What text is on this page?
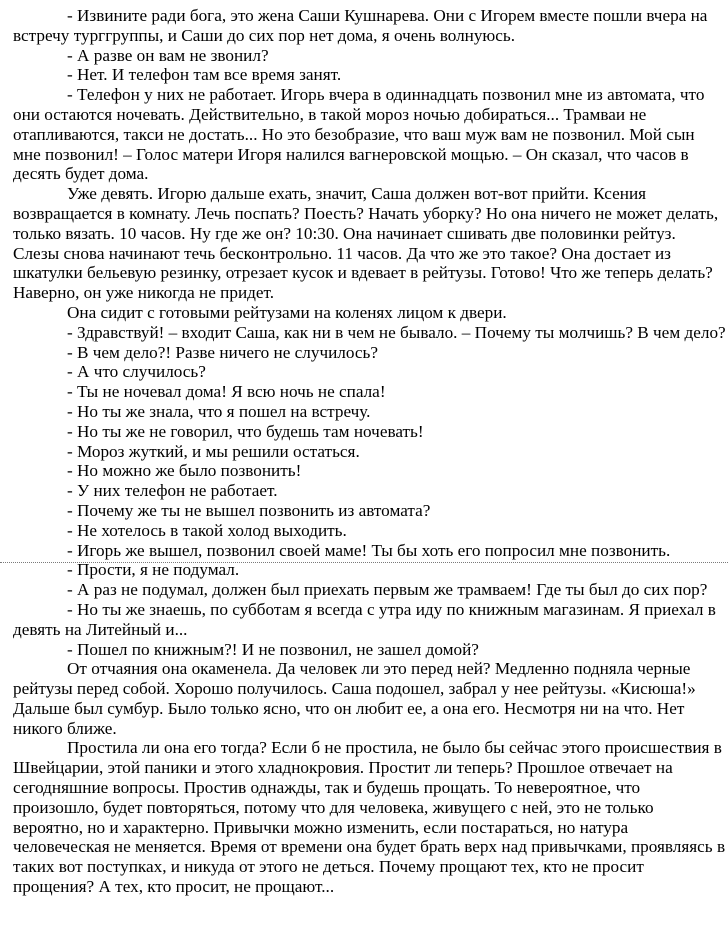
- Извините ради бога, это жена Саши Кушнарева. Они с Игорем вместе пошли вчера на встречу турггруппы, и Саши до сих пор нет дома, я очень волнуюсь.

- А разве он вам не звонил?

- Нет. И телефон там все время занят.

- Телефон у них не работает. Игорь вчера в одиннадцать позвонил мне из автомата, что они остаются ночевать. Действительно, в такой мороз ночью добираться... Трамваи не отапливаются, такси не достать... Но это безобразие, что ваш муж вам не позвонил. Мой сын мне позвонил! – Голос матери Игоря налился вагнеровской мощью. – Он сказал, что часов в десять будет дома.

Уже девять. Игорю дальше ехать, значит, Саша должен вот-вот прийти. Ксения возвращается в комнату. Лечь поспать? Поесть? Начать уборку? Но она ничего не может делать, только вязать. 10 часов. Ну где же он? 10:30. Она начинает сшивать две половинки рейтуз. Слезы снова начинают течь бесконтрольно. 11 часов. Да что же это такое? Она достает из шкатулки бельевую резинку, отрезает кусок и вдевает в рейтузы. Готово! Что же теперь делать? Наверно, он уже никогда не придет.

Она сидит с готовыми рейтузами на коленях лицом к двери.

- Здравствуй! – входит Саша, как ни в чем не бывало. – Почему ты молчишь? В чем дело?

- В чем дело?! Разве ничего не случилось?

- А что случилось?

- Ты не ночевал дома! Я всю ночь не спала!

- Но ты же знала, что я пошел на встречу.

- Но ты же не говорил, что будешь там ночевать!

- Мороз жуткий, и мы решили остаться.

- Но можно же было позвонить!

- У них телефон не работает.

- Почему же ты не вышел позвонить из автомата?

- Не хотелось в такой холод выходить.

- Игорь же вышел, позвонил своей маме! Ты бы хоть его попросил мне позвонить.

- Прости, я не подумал.

- А раз не подумал, должен был приехать первым же трамваем! Где ты был до сих пор?

- Но ты же знаешь, по субботам я всегда с утра иду по книжным магазинам. Я приехал в девять на Литейный и...

- Пошел по книжным?! И не позвонил, не зашел домой?

От отчаяния она окаменела. Да человек ли это перед ней? Медленно подняла черные рейтузы перед собой. Хорошо получилось. Саша подошел, забрал у нее рейтузы. «Кисюша!» Дальше был сумбур. Было только ясно, что он любит ее, а она его. Несмотря ни на что. Нет никого ближе.

Простила ли она его тогда? Если б не простила, не было бы сейчас этого происшествия в Швейцарии, этой паники и этого хладнокровия. Простит ли теперь? Прошлое отвечает на сегодняшние вопросы. Простив однажды, так и будешь прощать. То невероятное, что произошло, будет повторяться, потому что для человека, живущего с ней, это не только вероятно, но и характерно. Привычки можно изменить, если постараться, но натура человеческая не меняется. Время от времени она будет брать верх над привычками, проявляясь в таких вот поступках, и никуда от этого не деться. Почему прощают тех, кто не просит прощения? А тех, кто просит, не прощают...
